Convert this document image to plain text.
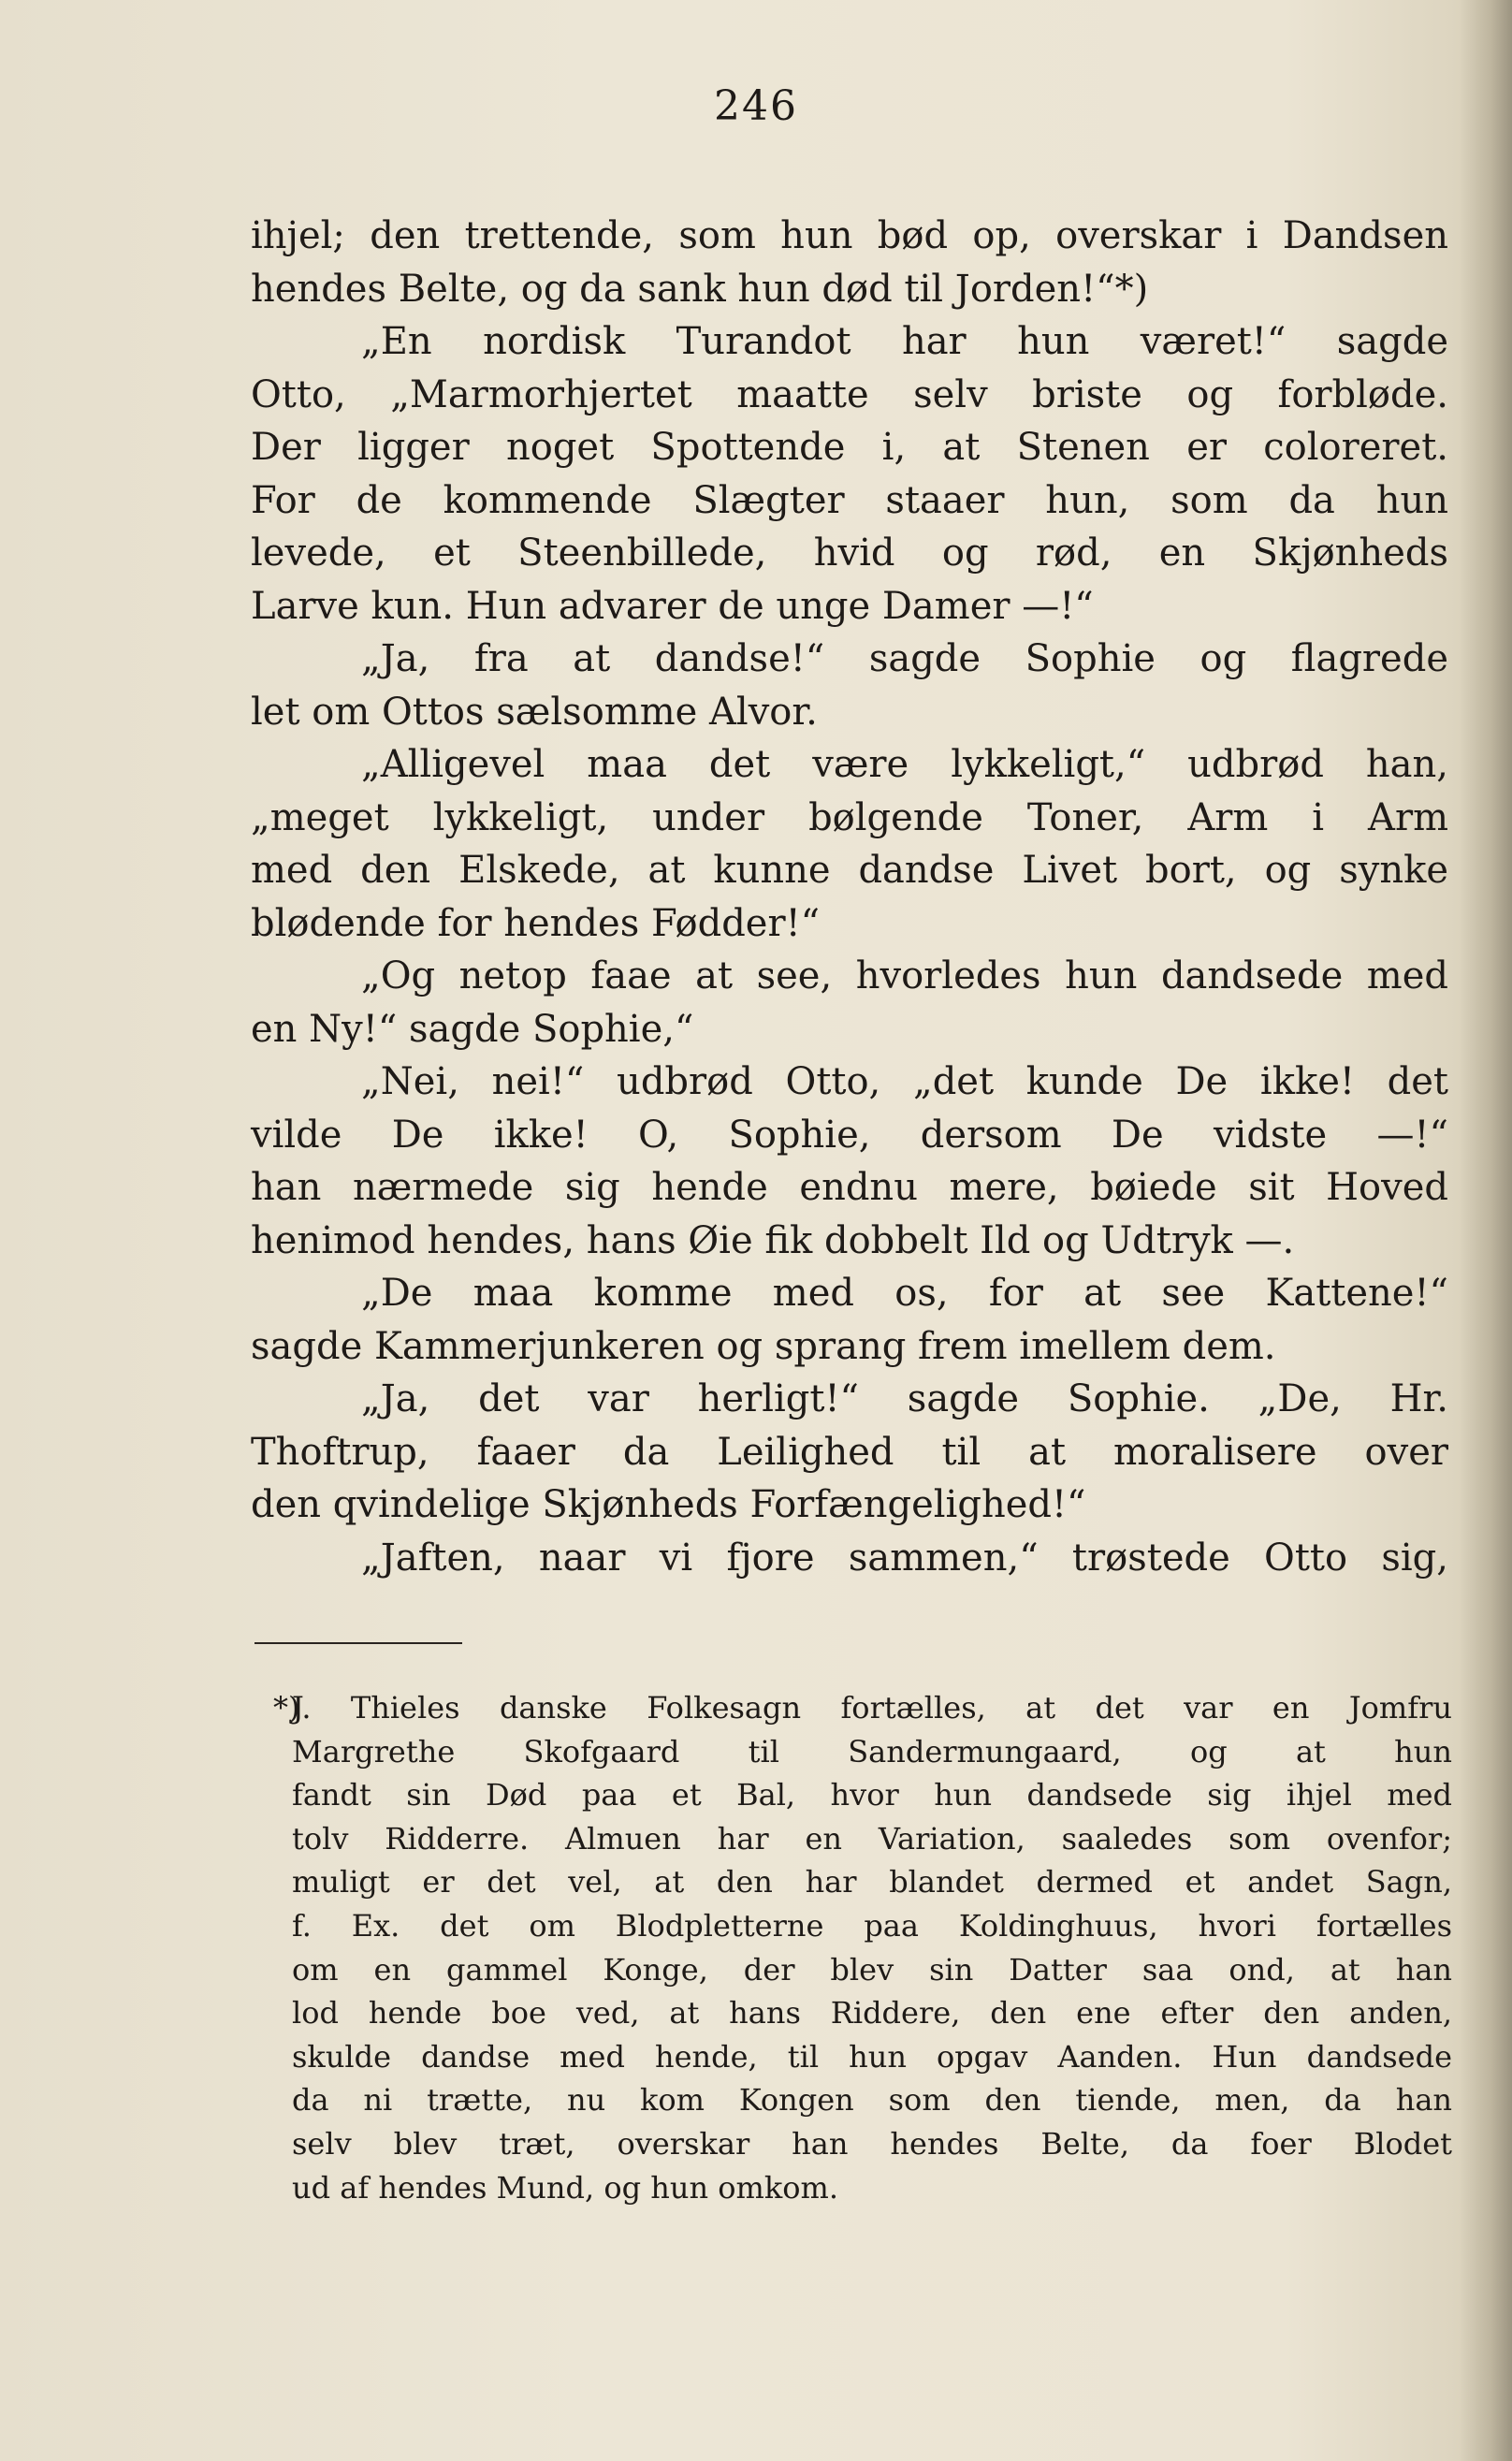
246
ihjel; den trettende, som hun bød op, overskar i Dandsen
hendes Belte, og da sank hun død til Jorden!“*)
„En nordisk Turandot har hun været!“ sagde
Otto, „Marmorhjertet maatte selv briste og forbløde.
Der ligger noget Spottende i, at Stenen er coloreret.
For de kommende Slægter staaer hun, som da hun
levede, et Steenbillede, hvid og rød, en Skjønheds
Larve kun. Hun advarer de unge Damer —!“
„Ja, fra at dandse!“ sagde Sophie og flagrede
let om Ottos sælsomme Alvor.
„Alligevel maa det være lykkeligt,“ udbrød han,
„meget lykkeligt, under bølgende Toner, Arm i Arm
med den Elskede, at kunne dandse Livet bort, og synke
blødende for hendes Fødder!“
„Og netop faae at see, hvorledes hun dandsede med
en Ny!“ sagde Sophie,“
„Nei, nei!“ udbrød Otto, „det kunde De ikke! det
vilde De ikke! O, Sophie, dersom De vidste —!“
han nærmede sig hende endnu mere, bøiede sit Hoved
henimod hendes, hans Øie fik dobbelt Ild og Udtryk —.
„De maa komme med os, for at see Kattene!“
sagde Kammerjunkeren og sprang frem imellem dem.
„Ja, det var herligt!“ sagde Sophie. „De, Hr.
Thoftrup, faaer da Leilighed til at moralisere over
den qvindelige Skjønheds Forfængelighed!“
„Jaften, naar vi fjore sammen,“ trøstede Otto sig,
*)
J. Thieles danske Folkesagn fortælles, at det var en Jomfru
Margrethe Skofgaard til Sandermungaard, og at hun
fandt sin Død paa et Bal, hvor hun dandsede sig ihjel med
tolv Ridderre. Almuen har en Variation, saaledes som ovenfor;
muligt er det vel, at den har blandet dermed et andet Sagn,
f. Ex. det om Blodpletterne paa Koldinghuus, hvori fortælles
om en gammel Konge, der blev sin Datter saa ond, at han
lod hende boe ved, at hans Riddere, den ene efter den anden,
skulde dandse med hende, til hun opgav Aanden. Hun dandsede
da ni trætte, nu kom Kongen som den tiende, men, da han
selv blev træt, overskar han hendes Belte, da foer Blodet
ud af hendes Mund, og hun omkom.
